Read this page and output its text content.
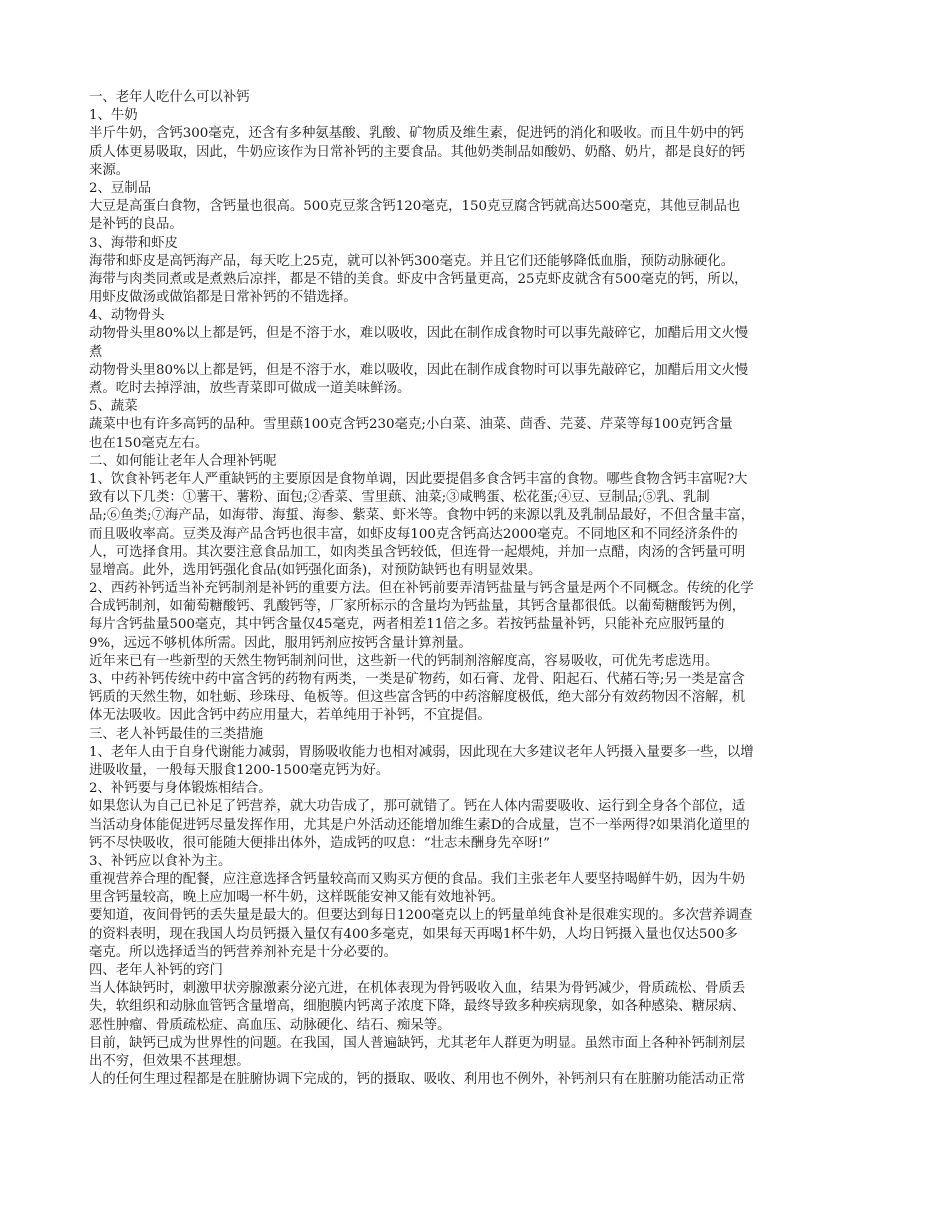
一、老年人吃什么可以补钙
1、牛奶
半斤牛奶，含钙300毫克，还含有多种氨基酸、乳酸、矿物质及维生素，促进钙的消化和吸收。而且牛奶中的钙
质人体更易吸取，因此，牛奶应该作为日常补钙的主要食品。其他奶类制品如酸奶、奶酪、奶片，都是良好的钙
来源。
2、豆制品
大豆是高蛋白食物，含钙量也很高。500克豆浆含钙120毫克，150克豆腐含钙就高达500毫克，其他豆制品也
是补钙的良品。
3、海带和虾皮
海带和虾皮是高钙海产品，每天吃上25克，就可以补钙300毫克。并且它们还能够降低血脂，预防动脉硬化。
海带与肉类同煮或是煮熟后凉拌，都是不错的美食。虾皮中含钙量更高，25克虾皮就含有500毫克的钙，所以，
用虾皮做汤或做馅都是日常补钙的不错选择。
4、动物骨头
动物骨头里80%以上都是钙，但是不溶于水，难以吸收，因此在制作成食物时可以事先敲碎它，加醋后用文火慢
煮
动物骨头里80%以上都是钙，但是不溶于水，难以吸收，因此在制作成食物时可以事先敲碎它，加醋后用文火慢
煮。吃时去掉浮油，放些青菜即可做成一道美味鲜汤。
5、蔬菜
蔬菜中也有许多高钙的品种。雪里蕻100克含钙230毫克;小白菜、油菜、茴香、芫荽、芹菜等每100克钙含量
也在150毫克左右。
二、如何能让老年人合理补钙呢
1、饮食补钙老年人严重缺钙的主要原因是食物单调，因此要提倡多食含钙丰富的食物。哪些食物含钙丰富呢?大
致有以下几类：①薯干、薯粉、面包;②香菜、雪里蕻、油菜;③咸鸭蛋、松花蛋;④豆、豆制品;⑤乳、乳制
品;⑥鱼类;⑦海产品，如海带、海蜇、海参、紫菜、虾米等。食物中钙的来源以乳及乳制品最好，不但含量丰富，
而且吸收率高。豆类及海产品含钙也很丰富，如虾皮每100克含钙高达2000毫克。不同地区和不同经济条件的
人，可选择食用。其次要注意食品加工，如肉类虽含钙较低，但连骨一起煨炖，并加一点醋，肉汤的含钙量可明
显增高。此外，选用钙强化食品(如钙强化面条)，对预防缺钙也有明显效果。
2、西药补钙适当补充钙制剂是补钙的重要方法。但在补钙前要弄清钙盐量与钙含量是两个不同概念。传统的化学
合成钙制剂，如葡萄糖酸钙、乳酸钙等，厂家所标示的含量均为钙盐量，其钙含量都很低。以葡萄糖酸钙为例，
每片含钙盐量500毫克，其中钙含量仅45毫克，两者相差11倍之多。若按钙盐量补钙，只能补充应服钙量的
9%，远远不够机体所需。因此，服用钙剂应按钙含量计算剂量。
近年来已有一些新型的天然生物钙制剂问世，这些新一代的钙制剂溶解度高，容易吸收，可优先考虑选用。
3、中药补钙传统中药中富含钙的药物有两类，一类是矿物药，如石膏、龙骨、阳起石、代赭石等;另一类是富含
钙质的天然生物，如牡蛎、珍珠母、龟板等。但这些富含钙的中药溶解度极低，绝大部分有效药物因不溶解，机
体无法吸收。因此含钙中药应用量大，若单纯用于补钙，不宜提倡。
三、老人补钙最佳的三类措施
1、老年人由于自身代谢能力减弱，胃肠吸收能力也相对减弱，因此现在大多建议老年人钙摄入量要多一些，以增
进吸收量，一般每天服食1200-1500毫克钙为好。
2、补钙要与身体锻炼相结合。
如果您认为自己已补足了钙营养，就大功告成了，那可就错了。钙在人体内需要吸收、运行到全身各个部位，适
当活动身体能促进钙尽量发挥作用，尤其是户外活动还能增加维生素D的合成量，岂不一举两得?如果消化道里的
钙不尽快吸收，很可能随大便排出体外，造成钙的叹息：“壮志未酬身先卒呀!”
3、补钙应以食补为主。
重视营养合理的配餐，应注意选择含钙量较高而又购买方便的食品。我们主张老年人要坚持喝鲜牛奶，因为牛奶
里含钙量较高，晚上应加喝一杯牛奶，这样既能安神又能有效地补钙。
要知道，夜间骨钙的丢失量是最大的。但要达到每日1200毫克以上的钙量单纯食补是很难实现的。多次营养调查
的资料表明，现在我国人均员钙摄入量仅有400多毫克，如果每天再喝1杯牛奶，人均日钙摄入量也仅达500多
毫克。所以选择适当的钙营养剂补充是十分必要的。
四、老年人补钙的窍门
当人体缺钙时，刺激甲状旁腺激素分泌亢进，在机体表现为骨钙吸收入血，结果为骨钙减少，骨质疏松、骨质丢
失，软组织和动脉血管钙含量增高，细胞膜内钙离子浓度下降，最终导致多种疾病现象，如各种感染、糖尿病、
恶性肿瘤、骨质疏松症、高血压、动脉硬化、结石、痴呆等。
目前，缺钙已成为世界性的问题。在我国，国人普遍缺钙，尤其老年人群更为明显。虽然市面上各种补钙制剂层
出不穷，但效果不甚理想。
人的任何生理过程都是在脏腑协调下完成的，钙的摄取、吸收、利用也不例外，补钙剂只有在脏腑功能活动正常
